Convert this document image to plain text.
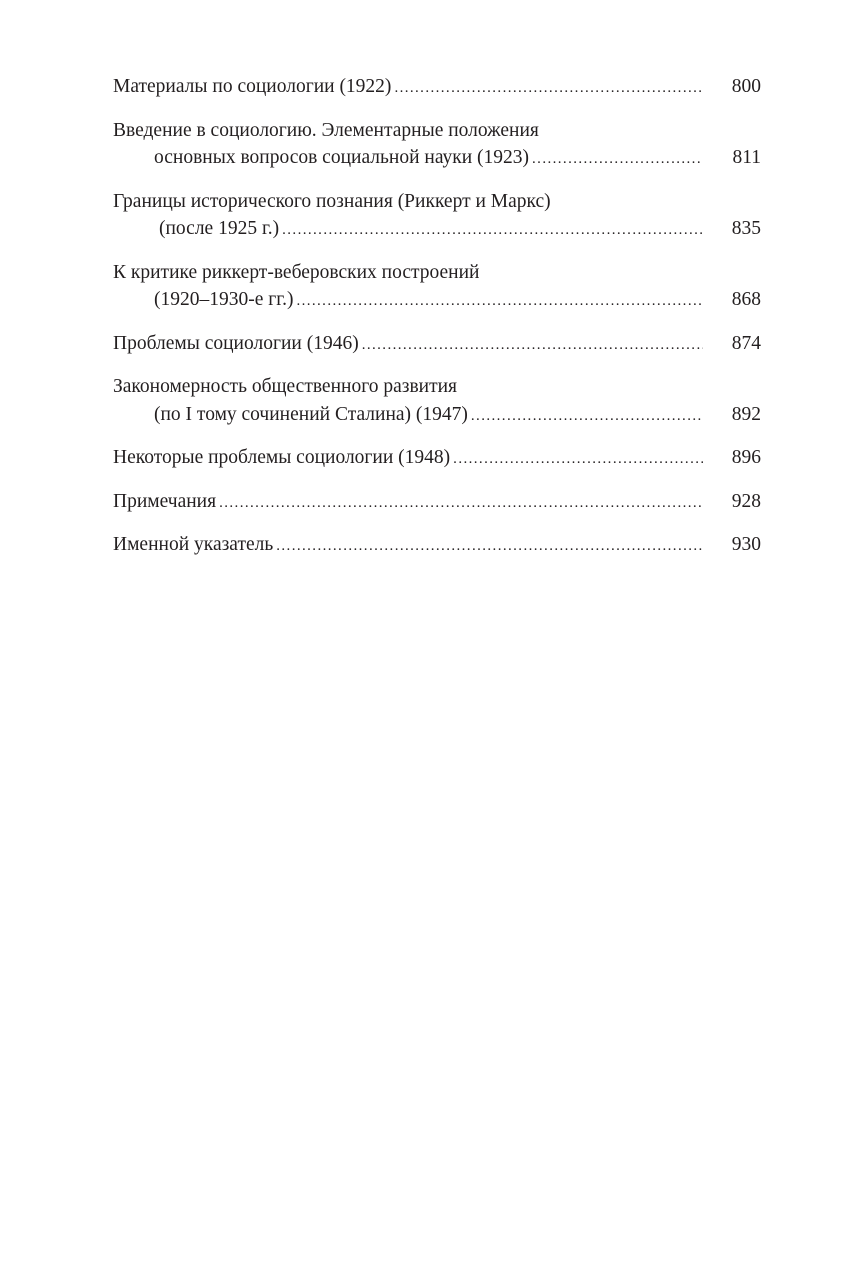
Материалы по социологии (1922) .....	800
Введение в социологию. Элементарные положения
основных вопросов социальной науки (1923) .....	811
Границы исторического познания (Риккерт и Маркс)
(после 1925 г.) .....	835
К критике риккерт-веберовских построений
(1920–1930-е гг.) .....	868
Проблемы социологии (1946) .....	874
Закономерность общественного развития
(по I тому сочинений Сталина) (1947) .....	892
Некоторые проблемы социологии (1948) .....	896
Примечания .....	928
Именной указатель .....	930
